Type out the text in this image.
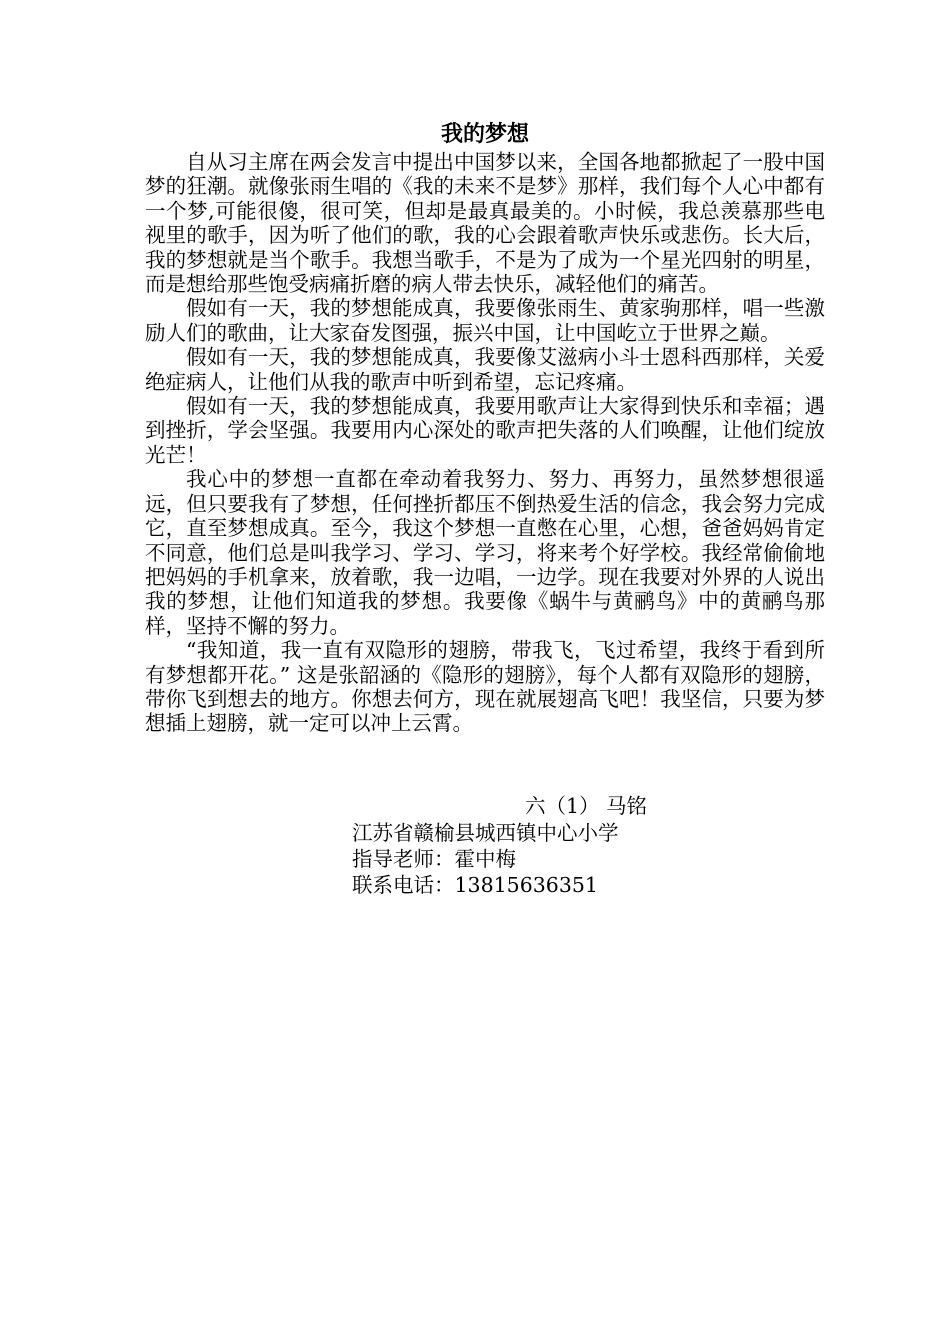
我的梦想

自从习主席在两会发言中提出中国梦以来，全国各地都掀起了一股中国梦的狂潮。就像张雨生唱的《我的未来不是梦》那样，我们每个人心中都有一个梦,可能很傻，很可笑，但却是最真最美的。小时候，我总羡慕那些电视里的歌手，因为听了他们的歌，我的心会跟着歌声快乐或悲伤。长大后，我的梦想就是当个歌手。我想当歌手，不是为了成为一个星光四射的明星，而是想给那些饱受病痛折磨的病人带去快乐，减轻他们的痛苦。

假如有一天，我的梦想能成真，我要像张雨生、黄家驹那样，唱一些激励人们的歌曲，让大家奋发图强，振兴中国，让中国屹立于世界之巅。

假如有一天，我的梦想能成真，我要像艾滋病小斗士恩科西那样，关爱绝症病人，让他们从我的歌声中听到希望，忘记疼痛。

假如有一天，我的梦想能成真，我要用歌声让大家得到快乐和幸福；遇到挫折，学会坚强。我要用内心深处的歌声把失落的人们唤醒，让他们绽放光芒！

我心中的梦想一直都在牵动着我努力、努力、再努力，虽然梦想很遥远，但只要我有了梦想，任何挫折都压不倒热爱生活的信念，我会努力完成它，直至梦想成真。至今，我这个梦想一直憋在心里，心想，爸爸妈妈肯定不同意，他们总是叫我学习、学习、学习，将来考个好学校。我经常偷偷地把妈妈的手机拿来，放着歌，我一边唱，一边学。现在我要对外界的人说出我的梦想，让他们知道我的梦想。我要像《蜗牛与黄鹂鸟》中的黄鹂鸟那样，坚持不懈的努力。

“我知道，我一直有双隐形的翅膀，带我飞，飞过希望，我终于看到所有梦想都开花。” 这是张韶涵的《隐形的翅膀》，每个人都有双隐形的翅膀，带你飞到想去的地方。你想去何方，现在就展翅高飞吧！我坚信，只要为梦想插上翅膀，就一定可以冲上云霄。

六（1） 马铭
江苏省赣榆县城西镇中心小学
指导老师：霍中梅
联系电话：13815636351
